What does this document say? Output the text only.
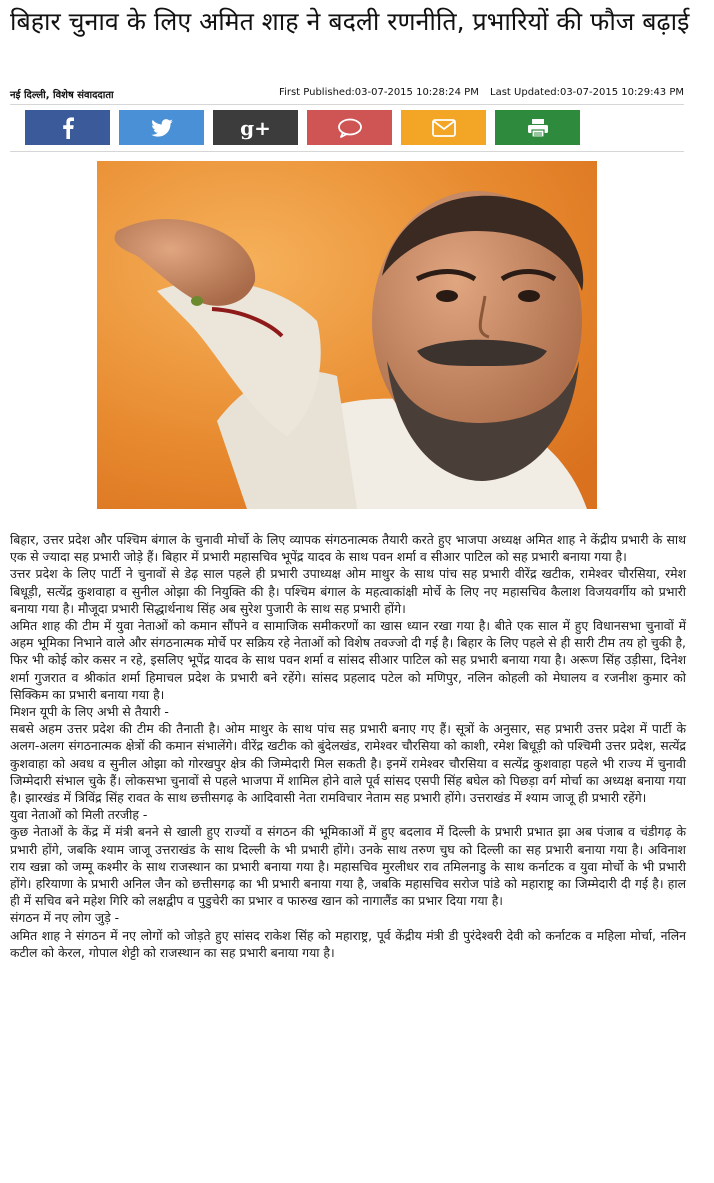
बिहार चुनाव के लिए अमित शाह ने बदली रणनीति, प्रभारियों की फौज बढ़ाई
नई दिल्ली, विशेष संवाददाता	First Published:03-07-2015 10:28:24 PM Last Updated:03-07-2015 10:29:43 PM
g+

बिहार, उत्तर प्रदेश और पश्चिम बंगाल के चुनावी मोर्चो के लिए व्यापक संगठनात्मक तैयारी करते हुए भाजपा अध्यक्ष अमित शाह ने केंद्रीय प्रभारी के साथ एक से ज्यादा सह प्रभारी जोड़े हैं। बिहार में प्रभारी महासचिव भूपेंद्र यादव के साथ पवन शर्मा व सीआर पाटिल को सह प्रभारी बनाया गया है।

उत्तर प्रदेश के लिए पार्टी ने चुनावों से डेढ़ साल पहले ही प्रभारी उपाध्यक्ष ओम माथुर के साथ पांच सह प्रभारी वीरेंद्र खटीक, रामेश्वर चौरसिया, रमेश बिधूड़ी, सत्येंद्र कुशवाहा व सुनील ओझा की नियुक्ति की है। पश्चिम बंगाल के महत्वाकांक्षी मोर्चे के लिए नए महासचिव कैलाश विजयवर्गीय को प्रभारी बनाया गया है। मौजूदा प्रभारी सिद्धार्थनाथ सिंह अब सुरेश पुजारी के साथ सह प्रभारी होंगे।

अमित शाह की टीम में युवा नेताओं को कमान सौंपने व सामाजिक समीकरणों का खास ध्यान रखा गया है। बीते एक साल में हुए विधानसभा चुनावों में अहम भूमिका निभाने वाले और संगठनात्मक मोर्चे पर सक्रिय रहे नेताओं को विशेष तवज्जो दी गई है। बिहार के लिए पहले से ही सारी टीम तय हो चुकी है, फिर भी कोई कोर कसर न रहे, इसलिए भूपेंद्र यादव के साथ पवन शर्मा व सांसद सीआर पाटिल को सह प्रभारी बनाया गया है। अरूण सिंह उड़ीसा, दिनेश शर्मा गुजरात व श्रीकांत शर्मा हिमाचल प्रदेश के प्रभारी बने रहेंगे। सांसद प्रहलाद पटेल को मणिपुर, नलिन कोहली को मेघालय व रजनीश कुमार को सिक्किम का प्रभारी बनाया गया है।

मिशन यूपी के लिए अभी से तैयारी -

सबसे अहम उत्तर प्रदेश की टीम की तैनाती है। ओम माथुर के साथ पांच सह प्रभारी बनाए गए हैं। सूत्रों के अनुसार, सह प्रभारी उत्तर प्रदेश में पार्टी के अलग-अलग संगठनात्मक क्षेत्रों की कमान संभालेंगे। वीरेंद्र खटीक को बुंदेलखंड, रामेश्वर चौरसिया को काशी, रमेश बिधूड़ी को पश्चिमी उत्तर प्रदेश, सत्येंद्र कुशवाहा को अवध व सुनील ओझा को गोरखपुर क्षेत्र की जिम्मेदारी मिल सकती है। इनमें रामेश्वर चौरसिया व सत्येंद्र कुशवाहा पहले भी राज्य में चुनावी जिम्मेदारी संभाल चुके हैं। लोकसभा चुनावों से पहले भाजपा में शामिल होने वाले पूर्व सांसद एसपी सिंह बघेल को पिछड़ा वर्ग मोर्चा का अध्यक्ष बनाया गया है। झारखंड में त्रिविंद्र सिंह रावत के साथ छत्तीसगढ़ के आदिवासी नेता रामविचार नेताम सह प्रभारी होंगे। उत्तराखंड में श्याम जाजू ही प्रभारी रहेंगे।

युवा नेताओं को मिली तरजीह -

कुछ नेताओं के केंद्र में मंत्री बनने से खाली हुए राज्यों व संगठन की भूमिकाओं में हुए बदलाव में दिल्ली के प्रभारी प्रभात झा अब पंजाब व चंडीगढ़ के प्रभारी होंगे, जबकि श्याम जाजू उत्तराखंड के साथ दिल्ली के भी प्रभारी होंगे। उनके साथ तरुण चुघ को दिल्ली का सह प्रभारी बनाया गया है। अविनाश राय खन्ना को जम्मू कश्मीर के साथ राजस्थान का प्रभारी बनाया गया है। महासचिव मुरलीधर राव तमिलनाडु के साथ कर्नाटक व युवा मोर्चो के भी प्रभारी होंगे। हरियाणा के प्रभारी अनिल जैन को छत्तीसगढ़ का भी प्रभारी बनाया गया है, जबकि महासचिव सरोज पांडे को महाराष्ट्र का जिम्मेदारी दी गई है। हाल ही में सचिव बने महेश गिरि को लक्षद्वीप व पुडुचेरी का प्रभार व फारुख खान को नागालैंड का प्रभार दिया गया है।

संगठन में नए लोग जुड़े -

अमित शाह ने संगठन में नए लोगों को जोड़ते हुए सांसद राकेश सिंह को महाराष्ट्र, पूर्व केंद्रीय मंत्री डी पुरंदेश्वरी देवी को कर्नाटक व महिला मोर्चा, नलिन कटील को केरल, गोपाल शेट्टी को राजस्थान का सह प्रभारी बनाया गया है।
